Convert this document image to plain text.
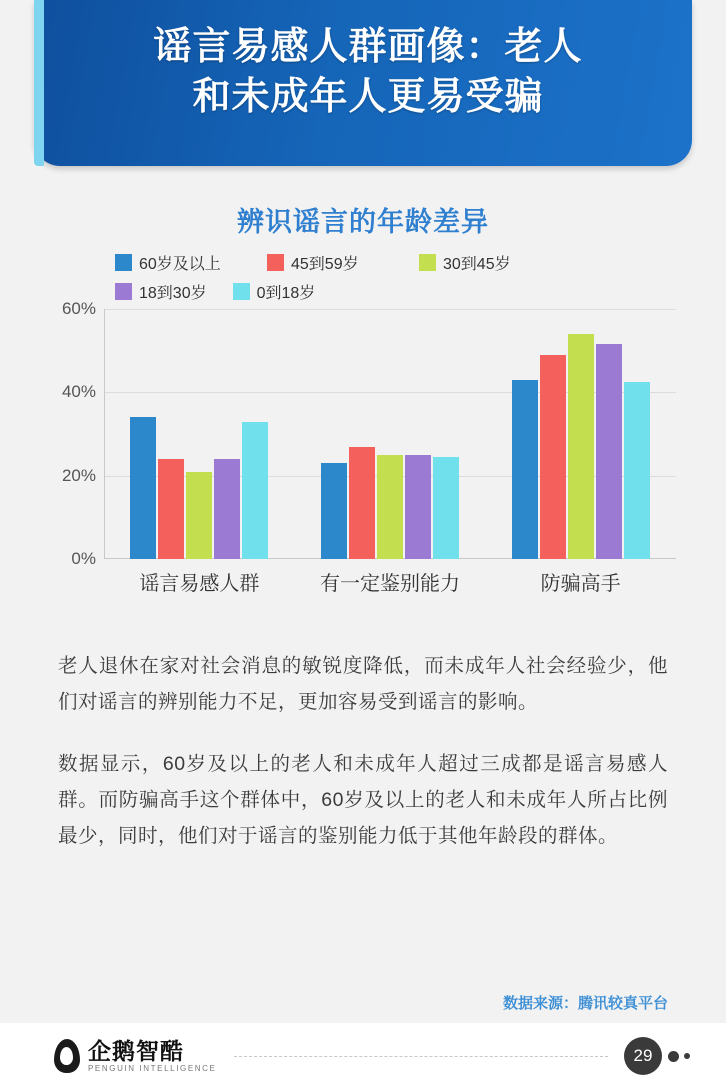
谣言易感人群画像：老人
和未成年人更易受骗
辨识谣言的年龄差异
60岁及以上	45到59岁	30到45岁
18到30岁	0到18岁
0%
20%
40%
60%
谣言易感人群	有一定鉴别能力	防骗高手

老人退休在家对社会消息的敏锐度降低，而未成年人社会经验少，他们对谣言的辨别能力不足，更加容易受到谣言的影响。

数据显示，60岁及以上的老人和未成年人超过三成都是谣言易感人群。而防骗高手这个群体中，60岁及以上的老人和未成年人所占比例最少，同时，他们对于谣言的鉴别能力低于其他年龄段的群体。

数据来源：腾讯较真平台
企鹅智酷
PENGUIN INTELLIGENCE
29
